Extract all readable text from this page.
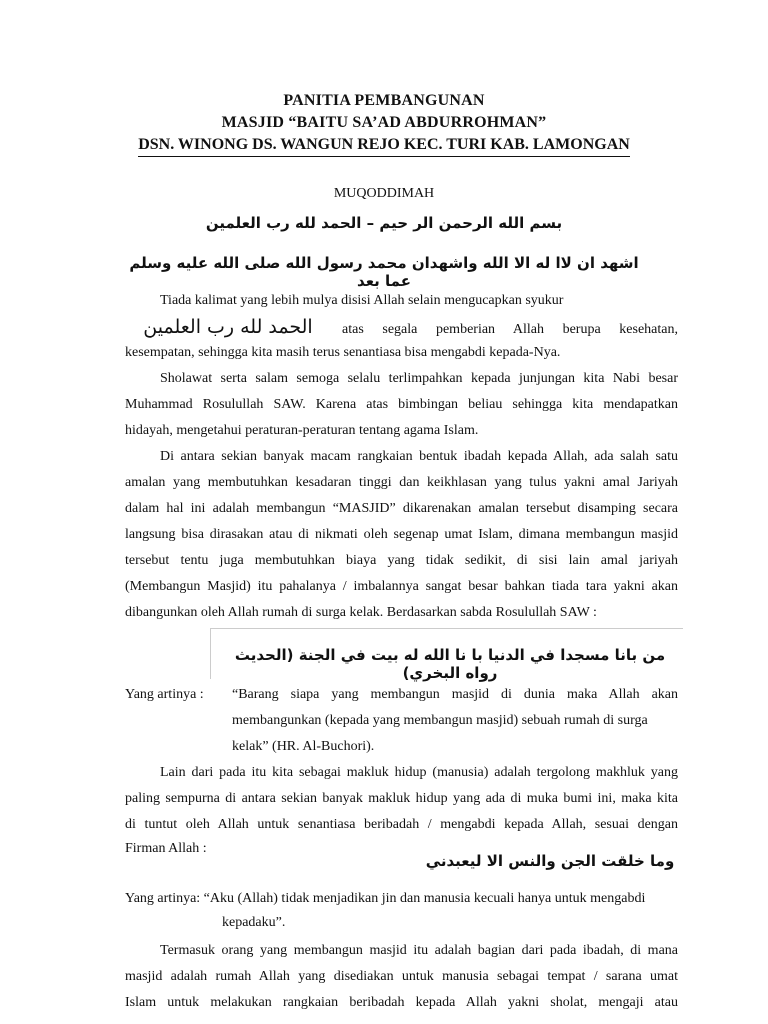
PANITIA PEMBANGUNAN
MASJID “BAITU SA’AD ABDURROHMAN”
DSN. WINONG DS. WANGUN REJO KEC. TURI KAB. LAMONGAN
MUQODDIMAH
بسم الله الرحمن الر حيم – الحمد لله رب العلمين
اشهد ان لاا له الا الله واشهدان محمد رسول الله صلى الله عليه وسلم عما بعد
Tiada kalimat yang lebih mulya disisi Allah selain mengucapkan syukur
الحمد لله رب العلمين	atas segala pemberian Allah berupa kesehatan,
kesempatan, sehingga kita masih terus senantiasa bisa mengabdi kepada-Nya.
Sholawat serta salam semoga selalu terlimpahkan kepada junjungan kita Nabi besar
Muhammad Rosulullah SAW. Karena atas bimbingan beliau sehingga kita mendapatkan
hidayah, mengetahui peraturan-peraturan tentang agama Islam.
Di antara sekian banyak macam rangkaian bentuk ibadah kepada Allah, ada salah satu
amalan yang membutuhkan kesadaran tinggi dan keikhlasan yang tulus yakni amal Jariyah
dalam hal ini adalah membangun “MASJID” dikarenakan amalan tersebut disamping secara
langsung bisa dirasakan atau di nikmati oleh segenap umat Islam, dimana membangun masjid
tersebut tentu juga membutuhkan biaya yang tidak sedikit, di sisi lain amal jariyah
(Membangun Masjid) itu pahalanya / imbalannya sangat besar bahkan tiada tara yakni akan
dibangunkan oleh Allah rumah di surga kelak. Berdasarkan sabda Rosulullah SAW :
من بانا مسجدا في الدنيا با نا الله له بيت في الجنة (الحديث رواه البخري)
Yang artinya : “Barang siapa yang membangun masjid di dunia maka Allah akan
membangunkan (kepada yang membangun masjid) sebuah rumah di surga
kelak” (HR. Al-Buchori).
Lain dari pada itu kita sebagai makluk hidup (manusia) adalah tergolong makhluk yang
paling sempurna di antara sekian banyak makluk hidup yang ada di muka bumi ini, maka kita
di tuntut oleh Allah untuk senantiasa beribadah / mengabdi kepada Allah, sesuai dengan
Firman Allah :
وما خلقت الجن والنس الا ليعبدني
Yang artinya: “Aku (Allah) tidak menjadikan jin dan manusia kecuali hanya untuk mengabdi
kepadaku”.
Termasuk orang yang membangun masjid itu adalah bagian dari pada ibadah, di mana
masjid adalah rumah Allah yang disediakan untuk manusia sebagai tempat / sarana umat
Islam untuk melakukan rangkaian beribadah kepada Allah yakni sholat, mengaji atau
